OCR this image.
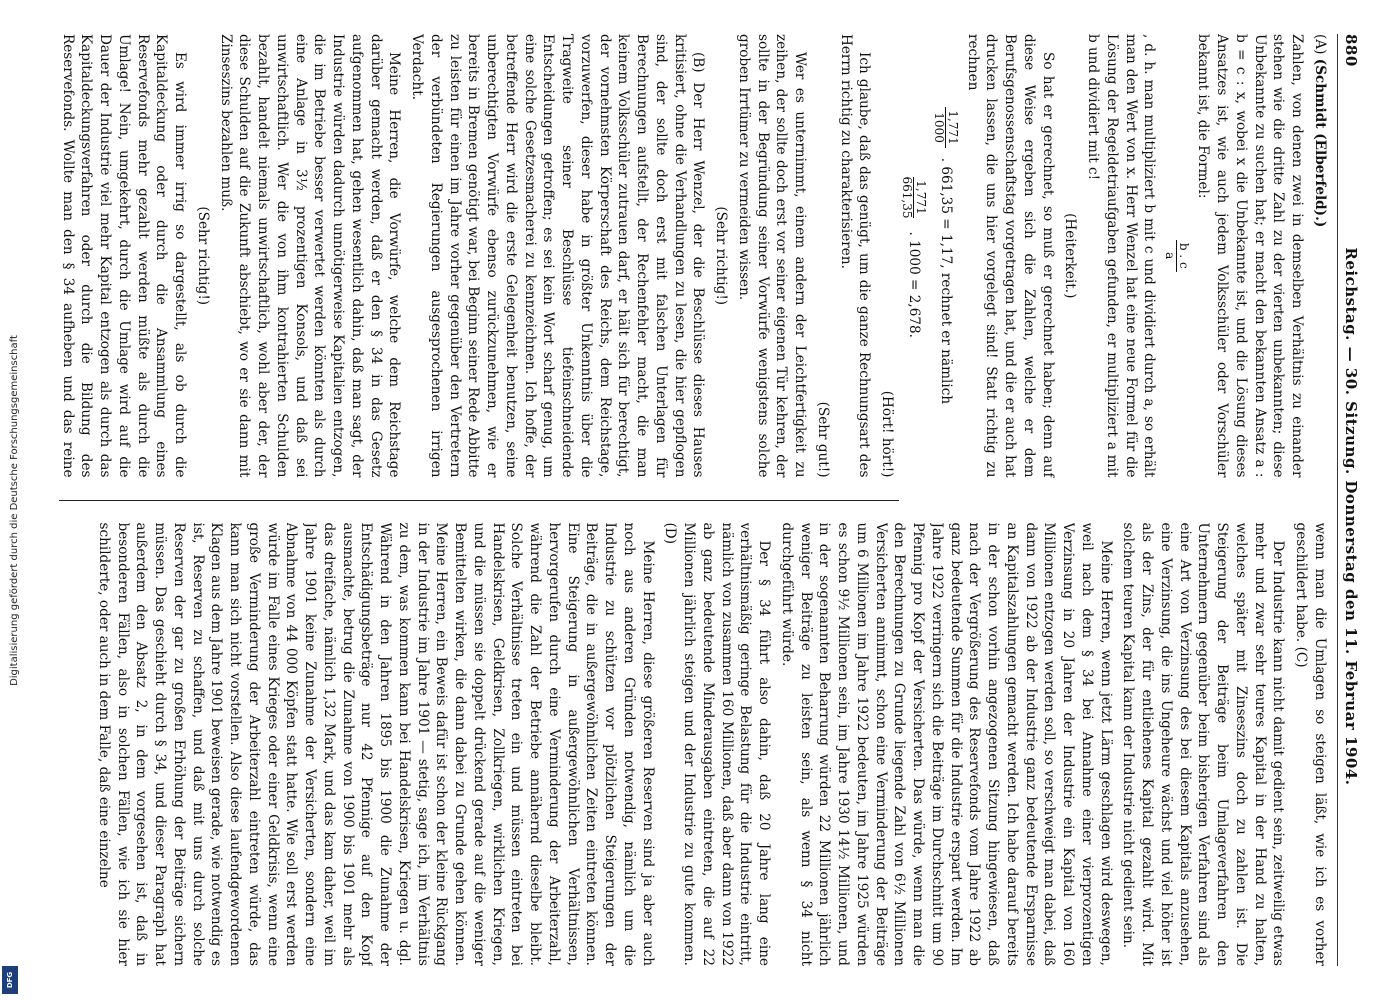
Digitalisierung gefördert durch die Deutsche Forschungsgemeinschaft
DFG
880
Reichstag. — 30. Sitzung. Donnerstag den 11. Februar 1904.

(A) (Schmidt (Elberfeld).)

Zahlen, von denen zwei in demselben Verhältnis zu einander stehen wie die dritte Zahl zu der vierten unbekannten; diese Unbekannte zu suchen hat; er macht den bekannten Ansatz a : b = c : x, wobei x die Unbekannte ist, und die Lösung dieses Ansatzes ist, wie auch jedem Volksschüler oder Vorschüler bekannt ist, die Formel:

b . c
a

, d. h. man multipliziert b mit c und dividiert durch a, so erhält man den Wert von x. Herr Wenzel hat eine neue Formel für die Lösung der Regeldetriaufgaben gefunden, er multipliziert a mit b und dividiert mit c!

(Heiterkeit.)

So hat er gerechnet, so muß er gerechnet haben; denn auf diese Weise ergeben sich die Zahlen, welche er dem Berufsgenossenschaftstag vorgetragen hat, und die er auch hat drucken lassen, die uns hier vorgelegt sind! Statt richtig zu rechnen

1,771
1000
. 661,35 = 1,17, rechnet er nämlich
1,771
661,35
. 1000 = 2,678.

(Hört! hört!)

Ich glaube, daß das genügt, um die ganze Rechnungsart des Herrn richtig zu charakterisieren.

(Sehr gut!)

Wer es unternimmt, einem andern der Leichtfertigkeit zu zeihen, der sollte doch erst vor seiner eigenen Tür kehren, der sollte in der Begründung seiner Vorwürfe wenigstens solche groben Irrtümer zu vermeiden wissen.

(Sehr richtig!)

(B) Der Herr Wenzel, der die Beschlüsse dieses Hauses kritisiert, ohne die Verhandlungen zu lesen, die hier gepflogen sind, der sollte doch erst mit falschen Unterlagen für Berechnungen aufstellt, der Rechenfehler macht, die man keinem Volksschüler zutrauen darf, er hält sich für berechtigt, der vornehmsten Körperschaft des Reichs, dem Reichstage, vorzuwerfen, dieser habe in größter Unkenntnis über die Tragweite seiner Beschlüsse tiefeinschneidende Entscheidungen getroffen; es sei kein Wort scharf genug, um eine solche Gesetzesmacherei zu kennzeichnen. Ich hoffe, der betreffende Herr wird die erste Gelegenheit benutzen, seine unberechtigten Vorwürfe ebenso zurückzunehmen, wie er bereits in Bremen genötigt war, bei Beginn seiner Rede Abbitte zu leisten für einen im Jahre vorher gegenüber den Vertretern der verbündeten Regierungen ausgesprochenen irrigen Verdacht.

Meine Herren, die Vorwürfe, welche dem Reichstage darüber gemacht werden, daß er den § 34 in das Gesetz aufgenommen hat, gehen wesentlich dahin, daß man sagt, der Industrie würden dadurch unnötigerweise Kapitalien entzogen, die im Betriebe besser verwertet werden könnten als durch eine Anlage in 3½ prozentigen Konsols, und daß sei unwirtschaftlich. Wer die von ihm kontrahierten Schulden bezahlt, handelt niemals unwirtschaftlich, wohl aber der, der diese Schulden auf die Zukunft abschiebt, wo er sie dann mit Zinseszins bezahlen muß.

(Sehr richtig!)

Es wird immer irrig so dargestellt, als ob durch die Kapitaldeckung oder durch die Ansammlung eines Reservefonds mehr gezahlt werden müßte als durch die Umlage! Nein, umgekehrt, durch die Umlage wird auf die Dauer der Industrie viel mehr Kapital entzogen als durch das Kapitaldeckungsverfahren oder durch die Bildung des Reservefonds. Wollte man den § 34 aufheben und das reine

wenn man die Umlagen so steigen läßt, wie ich es vorher geschildert habe. (C)

Der Industrie kann nicht damit gedient sein, zeitweilig etwas mehr und zwar sehr teures Kapital in der Hand zu halten, welches später mit Zinseszins doch zu zahlen ist. Die Steigerung der Beiträge beim Umlageverfahren den Unternehmern gegenüber beim bisherigen Verfahren sind als eine Art von Verzinsung des bei diesem Kapitals anzusehen, eine Verzinsung, die ins Ungeheure wächst und viel höher ist als der Zins, der für entliehenes Kapital gezahlt wird. Mit solchem teuren Kapital kann der Industrie nicht gedient sein.

Meine Herren, wenn jetzt Lärm geschlagen wird deswegen, weil nach dem § 34 bei Annahme einer vierprozentigen Verzinsung in 20 Jahren der Industrie ein Kapital von 160 Millionen entzogen werden soll, so verschweigt man dabei, daß dann von 1922 ab der Industrie ganz bedeutende Ersparnisse an Kapitalszahlungen gemacht werden. Ich habe darauf bereits in der schon vorhin angezogenen Sitzung hingewiesen, daß nach der Vergrößerung des Reservefonds vom Jahre 1922 ab ganz bedeutende Summen für die Industrie erspart werden. Im Jahre 1922 verringern sich die Beiträge im Durchschnitt um 90 Pfennig pro Kopf der Versicherten. Das würde, wenn man die den Berechnungen zu Grunde liegende Zahl von 6½ Millionen Versicherten annimmt, schon eine Verminderung der Beiträge um 6 Millionen im Jahre 1922 bedeuten, im Jahre 1925 würden es schon 9½ Millionen sein, im Jahre 1930 14½ Millionen, und in der sogenannten Beharrung würden 22 Millionen jährlich weniger Beiträge zu leisten sein, als wenn § 34 nicht durchgeführt würde.

Der § 34 führt also dahin, daß 20 Jahre lang eine verhältnismäßig geringe Belastung für die Industrie eintritt, nämlich von zusammen 160 Millionen, daß aber dann von 1922 ab ganz bedeutende Minderausgaben eintreten, die auf 22 Millionen jährlich steigen und der Industrie zu gute kommen. (D)

Meine Herren, diese größeren Reserven sind ja aber auch noch aus anderen Gründen notwendig, nämlich um die Industrie zu schützen vor plötzlichen Steigerungen der Beiträge, die in außergewöhnlichen Zeiten eintreten können. Eine Steigerung in außergewöhnlichen Verhältnissen, hervorgerufen durch eine Verminderung der Arbeiterzahl, während die Zahl der Betriebe annähernd dieselbe bleibt. Solche Verhältnisse treten ein und müssen eintreten bei Handelskrisen, Geldkrisen, Zollkriegen, wirklichen Kriegen, und die müssen sie doppelt drückend gerade auf die weniger Bemittelten wirken, die dann dabei zu Grunde gehen können. Meine Herren, ein Beweis dafür ist schon der kleine Rückgang in der Industrie im Jahre 1901 — stetig, sage ich, im Verhältnis zu dem, was kommen kann bei Handelskrisen, Kriegen u. dgl. Während in den Jahren 1895 bis 1900 die Zunahme der Entschädigungsbeträge nur 42 Pfennige auf den Kopf ausmachte, betrug die Zunahme von 1900 bis 1901 mehr als das dreifache, nämlich 1,32 Mark, und das kam daher, weil im Jahre 1901 keine Zunahme der Versicherten, sondern eine Abnahme von 44 000 Köpfen statt hatte. Wie soll erst werden würde im Falle eines Krieges oder einer Geldkrisis, wenn eine große Verminderung der Arbeiterzahl eintreten würde, das kann man sich nicht vorstellen. Also diese laufendgewordenen Klagen aus dem Jahre 1901 beweisen gerade, wie notwendig es ist, Reserven zu schaffen, und daß mit uns durch solche Reserven der gar zu großen Erhöhung der Beiträge sichern müssen. Das geschieht durch § 34, und dieser Paragraph hat außerdem den Absatz 2, in dem vorgesehen ist, daß in besonderen Fällen, also in solchen Fällen, wie ich sie hier schilderte, oder auch in dem Falle, daß eine einzelne
